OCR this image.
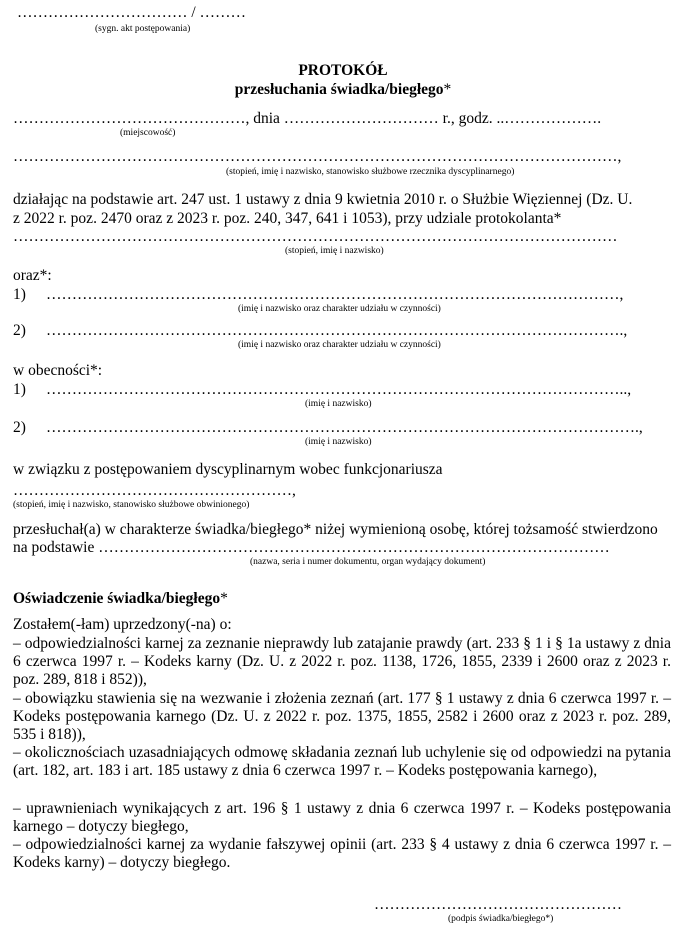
…………………………… / ………
(sygn. akt postępowania)
PROTOKÓŁ
przesłuchania świadka/biegłego*
………………………………………, dnia ………………………… r., godz. ..……………….
(miejscowość)
………………………………………………………………………………………………………,
(stopień, imię i nazwisko, stanowisko służbowe rzecznika dyscyplinarnego)
działając na podstawie art. 247 ust. 1 ustawy z dnia 9 kwietnia 2010 r. o Służbie Więziennej (Dz. U.
z 2022 r. poz. 2470 oraz z 2023 r. poz. 240, 347, 641 i 1053), przy udziale protokolanta*
………………………………………………………………………………………………………
(stopień, imię i nazwisko)
oraz*:
1) …………………………………………………………………………………………………,
(imię i nazwisko oraz charakter udziału w czynności)
2) ………………………………………………………………………………………………….,
(imię i nazwisko oraz charakter udziału w czynności)
w obecności*:
1) …………………………………………………………………………………………………..,
(imię i nazwisko)
2) …………………………………………………………………………………………………….,
(imię i nazwisko)
w związku z postępowaniem dyscyplinarnym wobec funkcjonariusza
………………………………………………,
(stopień, imię i nazwisko, stanowisko służbowe obwinionego)
przesłuchał(a) w charakterze świadka/biegłego* niżej wymienioną osobę, której tożsamość stwierdzono
na podstawie ………………………………………………………………………………………
(nazwa, seria i numer dokumentu, organ wydający dokument)
Oświadczenie świadka/biegłego*
Zostałem(-łam) uprzedzony(-na) o:
– odpowiedzialności karnej za zeznanie nieprawdy lub zatajanie prawdy (art. 233 § 1 i § 1a ustawy z dnia 6 czerwca 1997 r. – Kodeks karny (Dz. U. z 2022 r. poz. 1138, 1726, 1855, 2339 i 2600 oraz z 2023 r. poz. 289, 818 i 852)),
– obowiązku stawienia się na wezwanie i złożenia zeznań (art. 177 § 1 ustawy z dnia 6 czerwca 1997 r. – Kodeks postępowania karnego (Dz. U. z 2022 r. poz. 1375, 1855, 2582 i 2600 oraz z 2023 r. poz. 289, 535 i 818)),
– okolicznościach uzasadniających odmowę składania zeznań lub uchylenie się od odpowiedzi na pytania (art. 182, art. 183 i art. 185 ustawy z dnia 6 czerwca 1997 r. – Kodeks postępowania karnego),
– uprawnieniach wynikających z art. 196 § 1 ustawy z dnia 6 czerwca 1997 r. – Kodeks postępowania karnego – dotyczy biegłego,
– odpowiedzialności karnej za wydanie fałszywej opinii (art. 233 § 4 ustawy z dnia 6 czerwca 1997 r. – Kodeks karny) – dotyczy biegłego.
…………………………………………
(podpis świadka/biegłego*)
